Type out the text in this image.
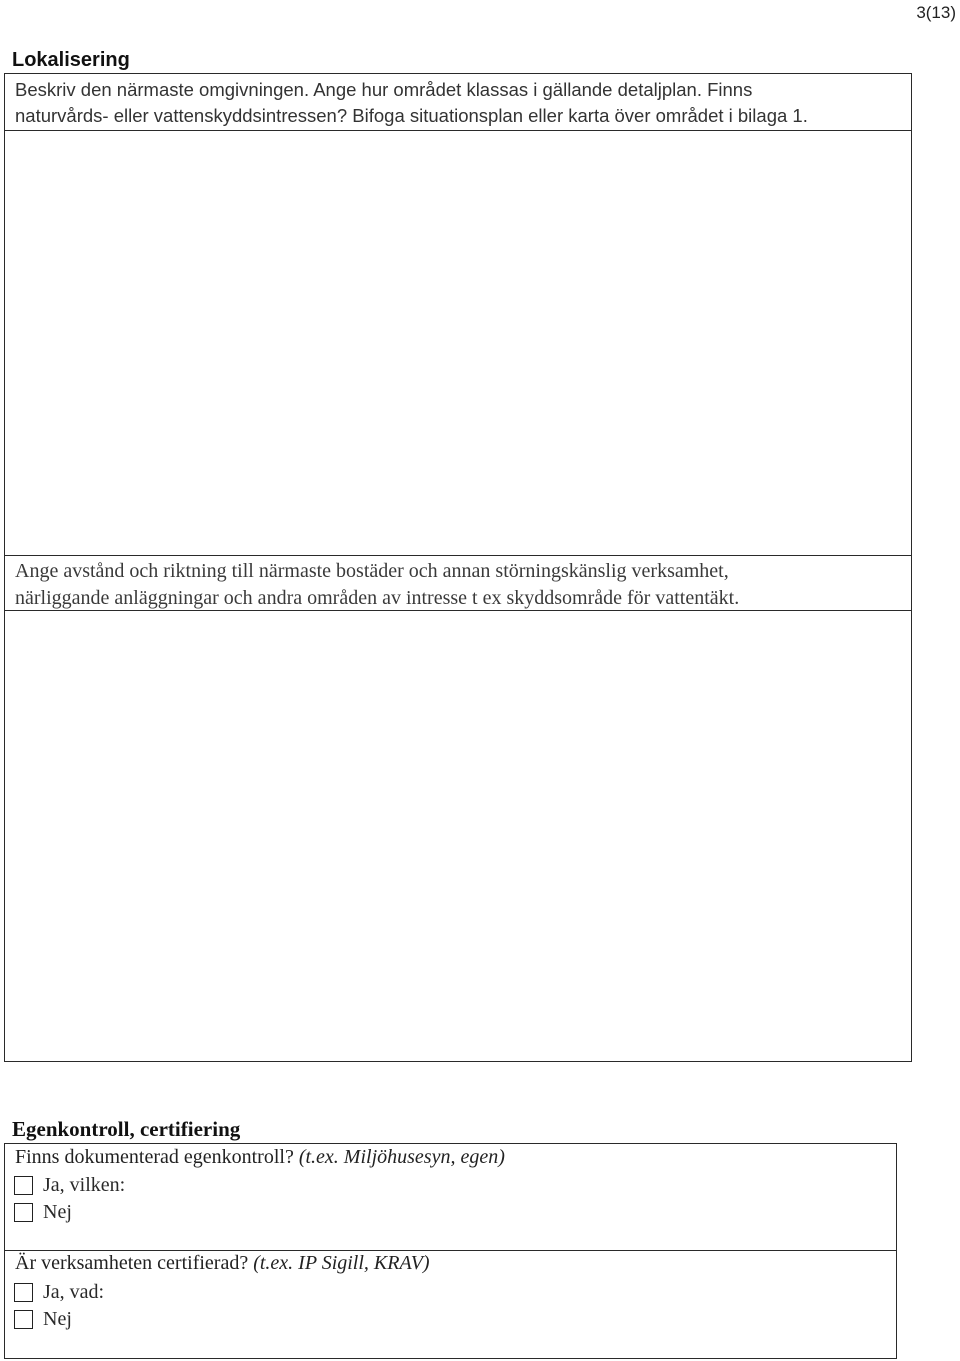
3(13)
Lokalisering
Beskriv den närmaste omgivningen. Ange hur området klassas i gällande detaljplan. Finns
naturvårds- eller vattenskyddsintressen? Bifoga situationsplan eller karta över området i bilaga 1.
Ange avstånd och riktning till närmaste bostäder och annan störningskänslig verksamhet,
närliggande anläggningar och andra områden av intresse t ex skyddsområde för vattentäkt.
Egenkontroll, certifiering
Finns dokumenterad egenkontroll? (t.ex. Miljöhusesyn, egen)
Ja, vilken:
Nej
Är verksamheten certifierad? (t.ex. IP Sigill, KRAV)
Ja, vad:
Nej
